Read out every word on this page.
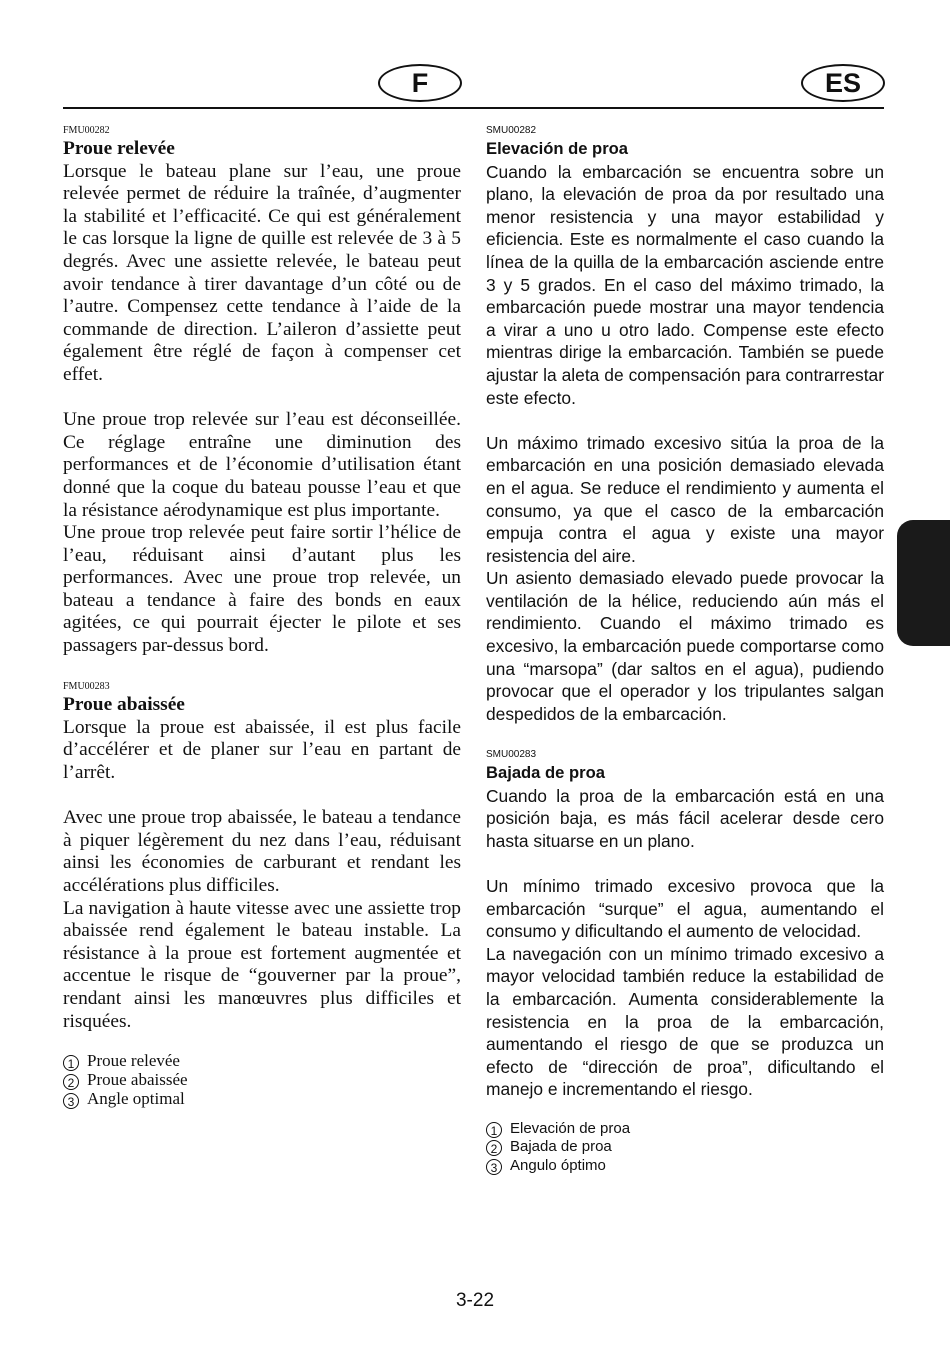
F	ES

FMU00282

Proue relevée

Lorsque le bateau plane sur l’eau, une proue relevée permet de réduire la traînée, d’augmenter la stabilité et l’efficacité. Ce qui est généralement le cas lorsque la ligne de quille est relevée de 3 à 5 degrés. Avec une assiette relevée, le bateau peut avoir tendance à tirer davantage d’un côté ou de l’autre. Compensez cette tendance à l’aide de la commande de direction. L’aileron d’assiette peut également être réglé de façon à compenser cet effet.

Une proue trop relevée sur l’eau est déconseillée. Ce réglage entraîne une diminution des performances et de l’économie d’utilisation étant donné que la coque du bateau pousse l’eau et que la résistance aérodynamique est plus importante.

Une proue trop relevée peut faire sortir l’hélice de l’eau, réduisant ainsi d’autant plus les performances. Avec une proue trop relevée, un bateau a tendance à faire des bonds en eaux agitées, ce qui pourrait éjecter le pilote et ses passagers par-dessus bord.

FMU00283

Proue abaissée

Lorsque la proue est abaissée, il est plus facile d’accélérer et de planer sur l’eau en partant de l’arrêt.

Avec une proue trop abaissée, le bateau a tendance à piquer légèrement du nez dans l’eau, réduisant ainsi les économies de carburant et rendant les accélérations plus difficiles.

La navigation à haute vitesse avec une assiette trop abaissée rend également le bateau instable. La résistance à la proue est fortement augmentée et accentue le risque de “gouverner par la proue”, rendant ainsi les manœuvres plus difficiles et risquées.

1 Proue relevée
2 Proue abaissée
3 Angle optimal

SMU00282

Elevación de proa

Cuando la embarcación se encuentra sobre un plano, la elevación de proa da por resultado una menor resistencia y una mayor estabilidad y eficiencia. Este es normalmente el caso cuando la línea de la quilla de la embarcación asciende entre 3 y 5 grados. En el caso del máximo trimado, la embarcación puede mostrar una mayor tendencia a virar a uno u otro lado. Compense este efecto mientras dirige la embarcación. También se puede ajustar la aleta de compensación para contrarrestar este efecto.

Un máximo trimado excesivo sitúa la proa de la embarcación en una posición demasiado elevada en el agua. Se reduce el rendimiento y aumenta el consumo, ya que el casco de la embarcación empuja contra el agua y existe una mayor resistencia del aire.

Un asiento demasiado elevado puede provocar la ventilación de la hélice, reduciendo aún más el rendimiento. Cuando el máximo trimado es excesivo, la embarcación puede comportarse como una “marsopa” (dar saltos en el agua), pudiendo provocar que el operador y los tripulantes salgan despedidos de la embarcación.

SMU00283

Bajada de proa

Cuando la proa de la embarcación está en una posición baja, es más fácil acelerar desde cero hasta situarse en un plano.

Un mínimo trimado excesivo provoca que la embarcación “surque” el agua, aumentando el consumo y dificultando el aumento de velocidad.

La navegación con un mínimo trimado excesivo a mayor velocidad también reduce la estabilidad de la embarcación. Aumenta considerablemente la resistencia en la proa de la embarcación, aumentando el riesgo de que se produzca un efecto de “dirección de proa”, dificultando el manejo e incrementando el riesgo.

1 Elevación de proa
2 Bajada de proa
3 Angulo óptimo
3-22
